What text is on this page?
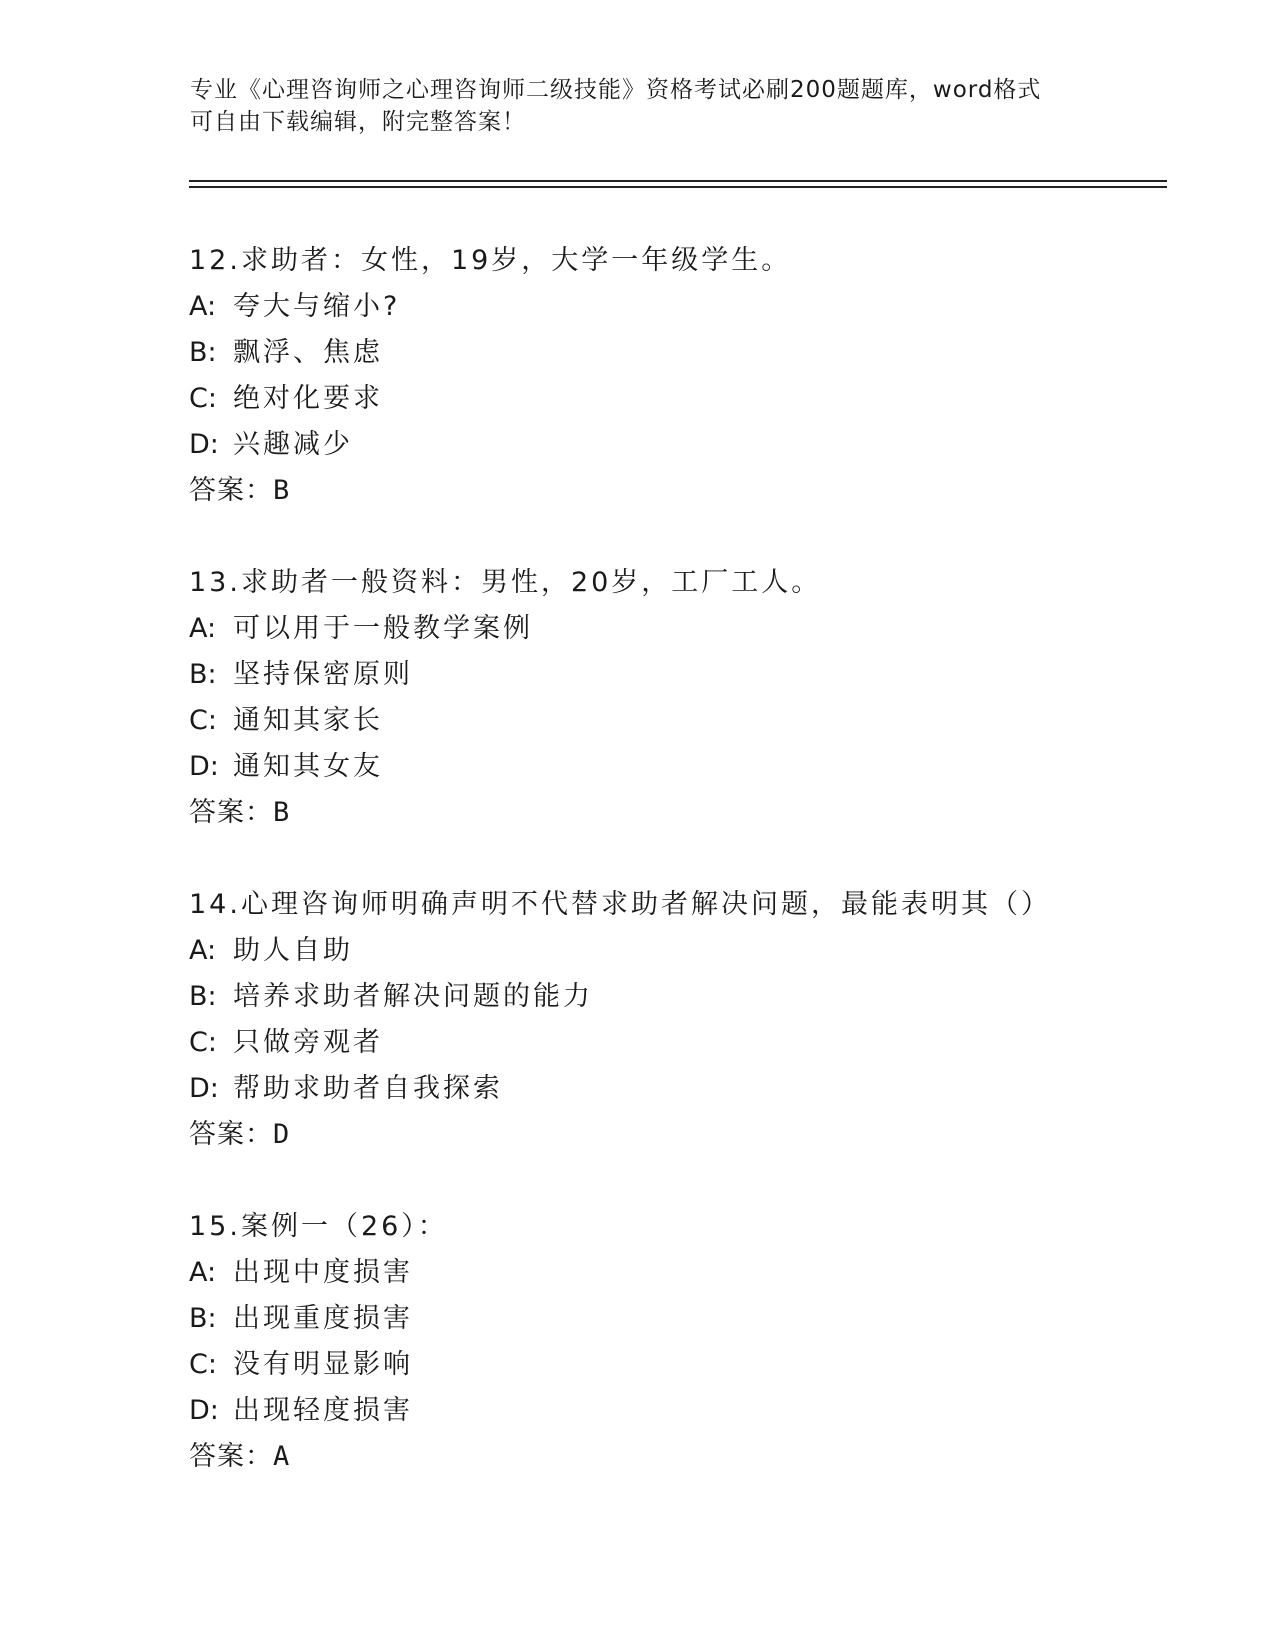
专业《心理咨询师之心理咨询师二级技能》资格考试必刷200题题库，word格式
可自由下载编辑，附完整答案！
12.求助者：女性，19岁，大学一年级学生。
A: 夸大与缩小?
B: 飘浮、焦虑
C: 绝对化要求
D: 兴趣减少
答案：B
13.求助者一般资料：男性，20岁，工厂工人。
A: 可以用于一般教学案例
B: 坚持保密原则
C: 通知其家长
D: 通知其女友
答案：B
14.心理咨询师明确声明不代替求助者解决问题，最能表明其（）
A: 助人自助
B: 培养求助者解决问题的能力
C: 只做旁观者
D: 帮助求助者自我探索
答案：D
15.案例一（26）：
A: 出现中度损害
B: 出现重度损害
C: 没有明显影响
D: 出现轻度损害
答案：A
